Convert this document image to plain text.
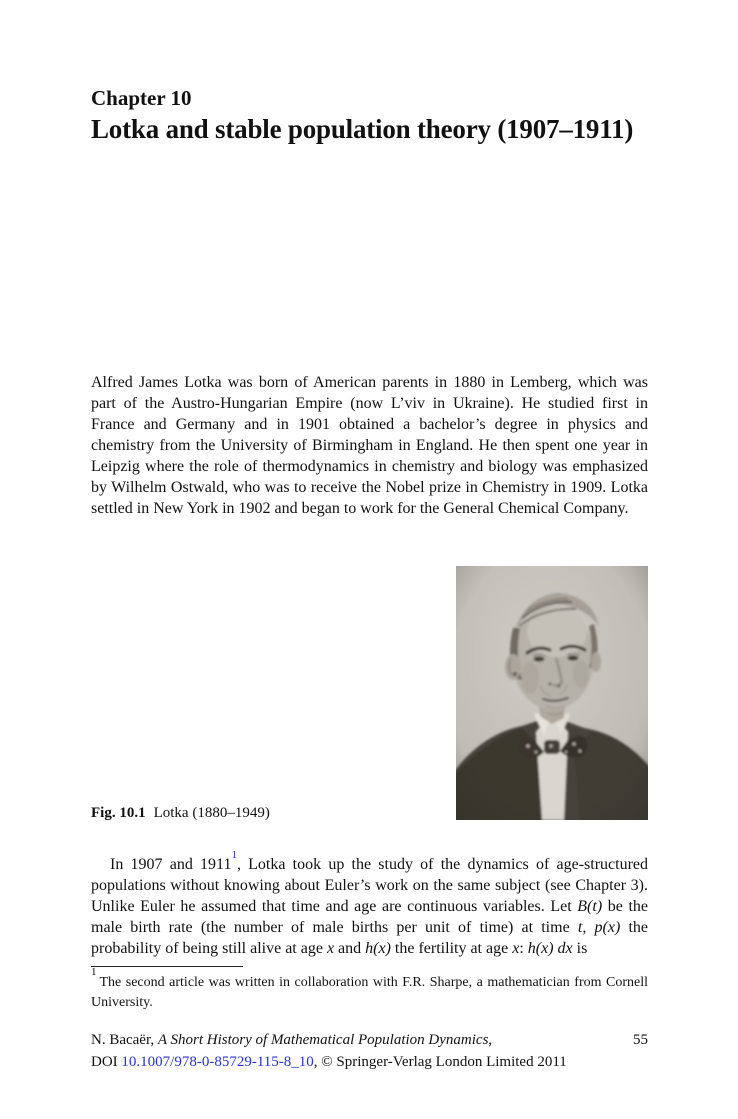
Chapter 10
Lotka and stable population theory (1907–1911)

Alfred James Lotka was born of American parents in 1880 in Lemberg, which was part of the Austro-Hungarian Empire (now L’viv in Ukraine). He studied first in France and Germany and in 1901 obtained a bachelor’s degree in physics and chemistry from the University of Birmingham in England. He then spent one year in Leipzig where the role of thermodynamics in chemistry and biology was emphasized by Wilhelm Ostwald, who was to receive the Nobel prize in Chemistry in 1909. Lotka settled in New York in 1902 and began to work for the General Chemical Company.

Fig. 10.1 Lotka (1880–1949)

In 1907 and 1911$^1$, Lotka took up the study of the dynamics of age-structured populations without knowing about Euler’s work on the same subject (see Chapter 3). Unlike Euler he assumed that time and age are continuous variables. Let B(t) be the male birth rate (the number of male births per unit of time) at time t, p(x) the probability of being still alive at age x and h(x) the fertility at age x: h(x) dx is

$^1$The second article was written in collaboration with F.R. Sharpe, a mathematician from Cornell University.
N. Bacaër, A Short History of Mathematical Population Dynamics,	55
DOI 10.1007/978-0-85729-115-8_10, © Springer-Verlag London Limited 2011
